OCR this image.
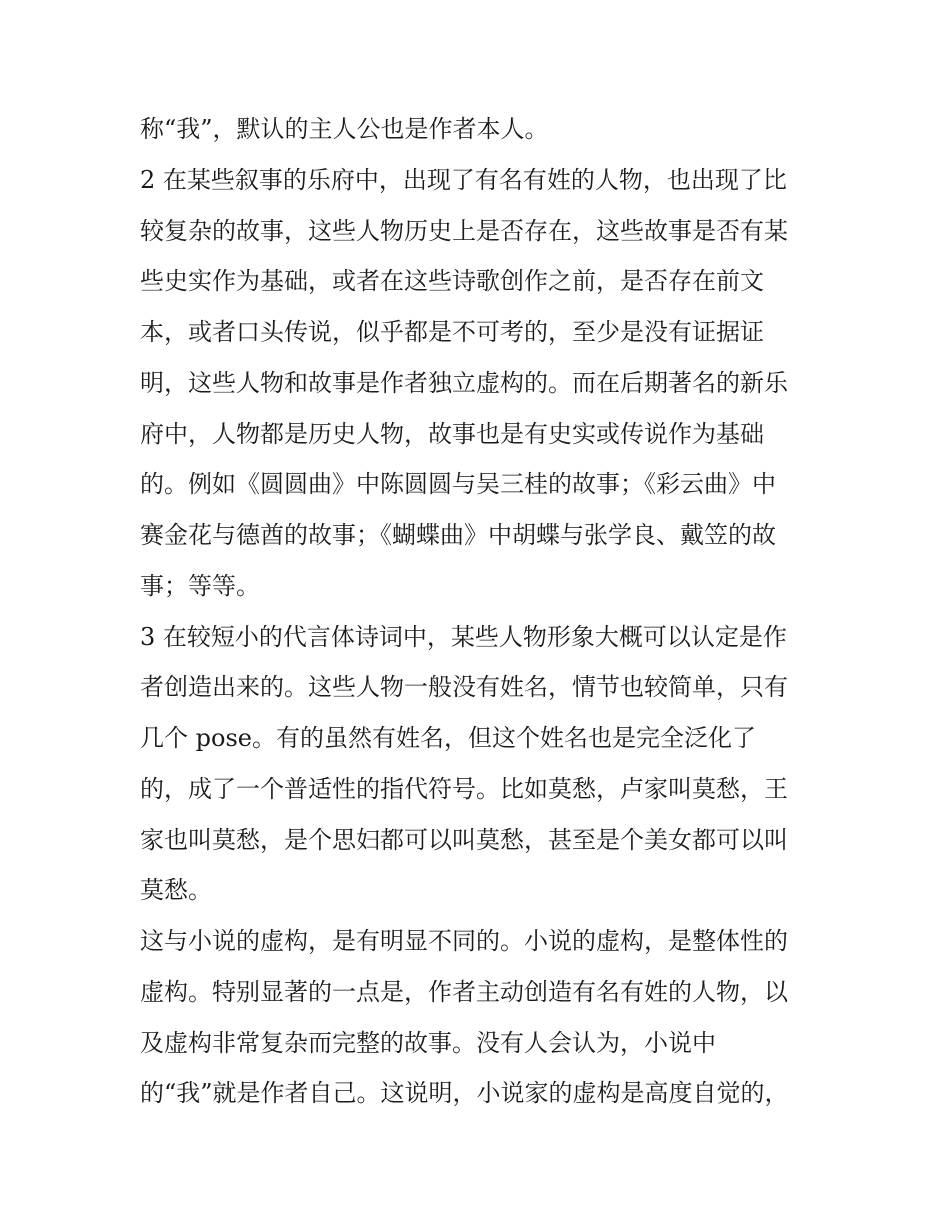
称“我”，默认的主人公也是作者本人。

2 在某些叙事的乐府中，出现了有名有姓的人物，也出现了比

较复杂的故事，这些人物历史上是否存在，这些故事是否有某

些史实作为基础，或者在这些诗歌创作之前，是否存在前文

本，或者口头传说，似乎都是不可考的，至少是没有证据证

明，这些人物和故事是作者独立虚构的。而在后期著名的新乐

府中，人物都是历史人物，故事也是有史实或传说作为基础

的。例如《圆圆曲》中陈圆圆与吴三桂的故事；《彩云曲》中

赛金花与德酋的故事；《蝴蝶曲》中胡蝶与张学良、戴笠的故

事；等等。

3 在较短小的代言体诗词中，某些人物形象大概可以认定是作

者创造出来的。这些人物一般没有姓名，情节也较简单，只有

几个 pose。有的虽然有姓名，但这个姓名也是完全泛化了

的，成了一个普适性的指代符号。比如莫愁，卢家叫莫愁，王

家也叫莫愁，是个思妇都可以叫莫愁，甚至是个美女都可以叫

莫愁。

这与小说的虚构，是有明显不同的。小说的虚构，是整体性的

虚构。特别显著的一点是，作者主动创造有名有姓的人物，以

及虚构非常复杂而完整的故事。没有人会认为，小说中

的“我”就是作者自己。这说明，小说家的虚构是高度自觉的，
